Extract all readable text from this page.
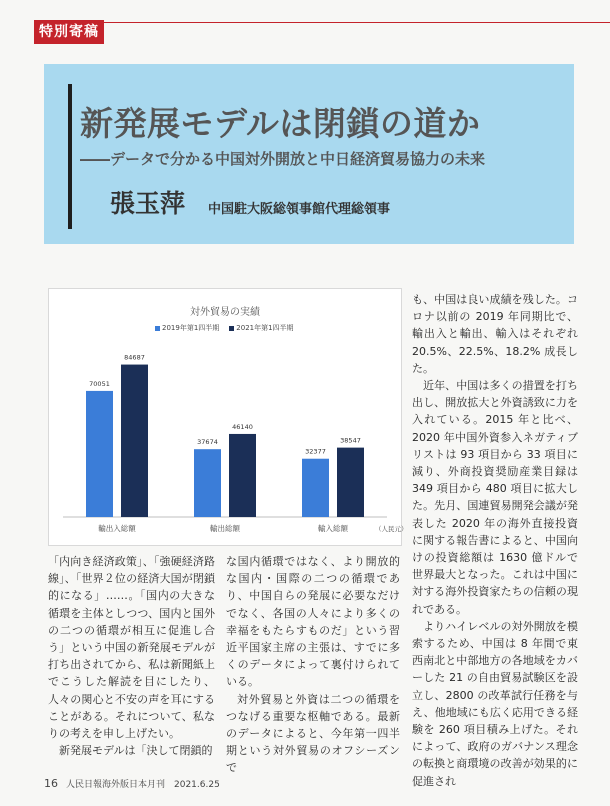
特別寄稿
新発展モデルは閉鎖の道か
――データで分かる中国対外開放と中日経済貿易協力の未来
張玉萍 中国駐大阪総領事館代理総領事
対外貿易の実績
2019年第1四半期	2021年第1四半期
70051
84687
輸出入総額
37674
46140
輸出総額
32377
38547
輸入総額	（人民元）

「内向き経済政策」、「強硬経済路線」、「世界２位の経済大国が閉鎖的になる」……。「国内の大きな循環を主体としつつ、国内と国外の二つの循環が相互に促進し合う」という中国の新発展モデルが打ち出されてから、私は新聞紙上でこうした解読を目にしたり、人々の関心と不安の声を耳にすることがある。それについて、私なりの考えを申し上げたい。

新発展モデルは「決して閉鎖的

な国内循環ではなく、より開放的な国内・国際の二つの循環であり、中国自らの発展に必要なだけでなく、各国の人々により多くの幸福をもたらすものだ」という習近平国家主席の主張は、すでに多くのデータによって裏付けられている。

対外貿易と外資は二つの循環をつなげる重要な枢軸である。最新のデータによると、今年第一四半期という対外貿易のオフシーズンで

も、中国は良い成績を残した。コロナ以前の 2019 年同期比で、輸出入と輸出、輸入はそれぞれ 20.5%、22.5%、18.2% 成長した。

近年、中国は多くの措置を打ち出し、開放拡大と外資誘致に力を入れている。2015 年と比べ、2020 年中国外資参入ネガティブリストは 93 項目から 33 項目に減り、外商投資奨励産業目録は 349 項目から 480 項目に拡大した。先月、国連貿易開発会議が発表した 2020 年の海外直接投資に関する報告書によると、中国向けの投資総額は 1630 億ドルで世界最大となった。これは中国に対する海外投資家たちの信頼の現れである。

よりハイレベルの対外開放を模索するため、中国は 8 年間で東西南北と中部地方の各地域をカバーした 21 の自由貿易試験区を設立し、2800 の改革試行任務を与え、他地域にも広く応用できる経験を 260 項目積み上げた。それによって、政府のガバナンス理念の転換と商環境の改善が効果的に促進され

16 人民日報海外版日本月刊　2021.6.25
